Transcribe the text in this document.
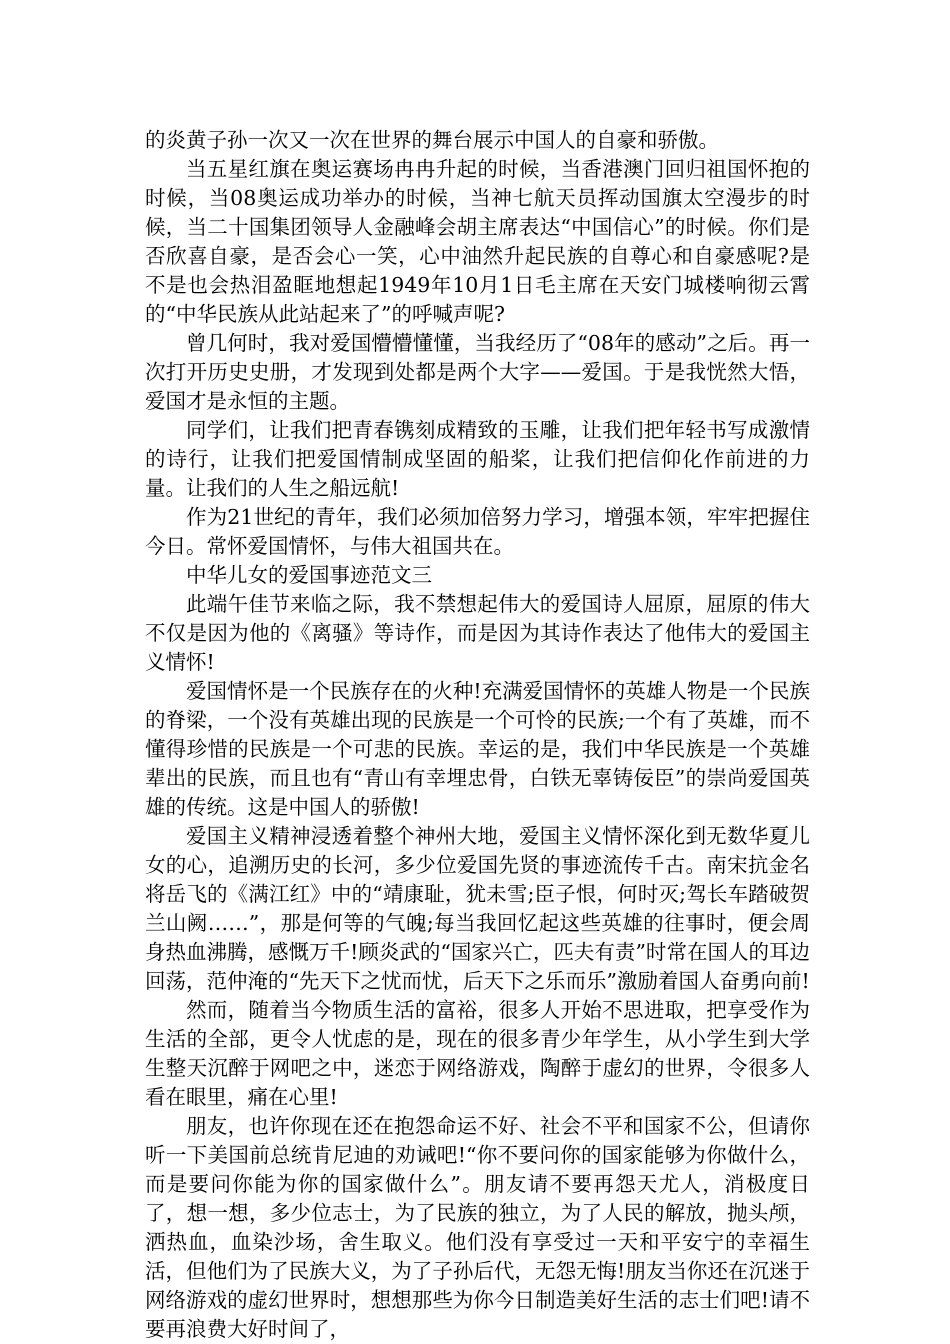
的炎黄子孙一次又一次在世界的舞台展示中国人的自豪和骄傲。

当五星红旗在奥运赛场冉冉升起的时候，当香港澳门回归祖国怀抱的时候，当08奥运成功举办的时候，当神七航天员挥动国旗太空漫步的时候，当二十国集团领导人金融峰会胡主席表达“中国信心”的时候。你们是否欣喜自豪，是否会心一笑，心中油然升起民族的自尊心和自豪感呢?是不是也会热泪盈眶地想起1949年10月1日毛主席在天安门城楼响彻云霄的“中华民族从此站起来了”的呼喊声呢?

曾几何时，我对爱国懵懵懂懂，当我经历了“08年的感动”之后。再一次打开历史史册，才发现到处都是两个大字——爱国。于是我恍然大悟，爱国才是永恒的主题。

同学们，让我们把青春镌刻成精致的玉雕，让我们把年轻书写成激情的诗行，让我们把爱国情制成坚固的船桨，让我们把信仰化作前进的力量。让我们的人生之船远航!

作为21世纪的青年，我们必须加倍努力学习，增强本领，牢牢把握住今日。常怀爱国情怀，与伟大祖国共在。

中华儿女的爱国事迹范文三

此端午佳节来临之际，我不禁想起伟大的爱国诗人屈原，屈原的伟大不仅是因为他的《离骚》等诗作，而是因为其诗作表达了他伟大的爱国主义情怀!

爱国情怀是一个民族存在的火种!充满爱国情怀的英雄人物是一个民族的脊梁，一个没有英雄出现的民族是一个可怜的民族;一个有了英雄，而不懂得珍惜的民族是一个可悲的民族。幸运的是，我们中华民族是一个英雄辈出的民族，而且也有“青山有幸埋忠骨，白铁无辜铸佞臣”的崇尚爱国英雄的传统。这是中国人的骄傲!

爱国主义精神浸透着整个神州大地，爱国主义情怀深化到无数华夏儿女的心，追溯历史的长河，多少位爱国先贤的事迹流传千古。南宋抗金名将岳飞的《满江红》中的“靖康耻，犹未雪;臣子恨，何时灭;驾长车踏破贺兰山阙……”，那是何等的气魄;每当我回忆起这些英雄的往事时，便会周身热血沸腾，感慨万千!顾炎武的“国家兴亡，匹夫有责”时常在国人的耳边回荡，范仲淹的“先天下之忧而忧，后天下之乐而乐”激励着国人奋勇向前!

然而，随着当今物质生活的富裕，很多人开始不思进取，把享受作为生活的全部，更令人忧虑的是，现在的很多青少年学生，从小学生到大学生整天沉醉于网吧之中，迷恋于网络游戏，陶醉于虚幻的世界，令很多人看在眼里，痛在心里!

朋友，也许你现在还在抱怨命运不好、社会不平和国家不公，但请你听一下美国前总统肯尼迪的劝诫吧!“你不要问你的国家能够为你做什么，而是要问你能为你的国家做什么”。朋友请不要再怨天尤人，消极度日了，想一想，多少位志士，为了民族的独立，为了人民的解放，抛头颅，洒热血，血染沙场，舍生取义。他们没有享受过一天和平安宁的幸福生活，但他们为了民族大义，为了子孙后代，无怨无悔!朋友当你还在沉迷于网络游戏的虚幻世界时，想想那些为你今日制造美好生活的志士们吧!请不要再浪费大好时间了，
